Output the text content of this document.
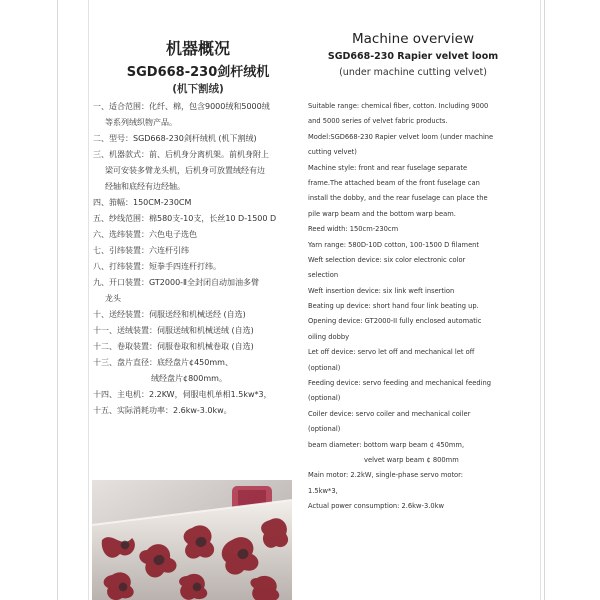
机器概况
SGD668-230剑杆绒机
(机下割绒)
一、适合范围：化纤、棉，包含9000绒和5000绒
等系列绒织物产品。
二、型号：SGD668-230剑杆绒机 (机下割绒)
三、机器款式：前、后机身分离机架。前机身附上
梁可安装多臂龙头机，后机身可放置绒经有边
经轴和底经有边经轴。
四、筘幅：150CM-230CM
五、纱线范围：棉580支-10支，长丝10 D-1500 D
六、选纬装置：六色电子选色
七、引纬装置：六连杆引纬
八、打纬装置：短拳手四连杆打纬。
九、开口装置：GT2000-Ⅱ全封闭自动加油多臂
龙头
十、送经装置：伺服送经和机械送经 (自选)
十一、送绒装置：伺服送绒和机械送绒 (自选)
十二、卷取装置：伺服卷取和机械卷取 (自选)
十三、盘片直径：底经盘片¢450mm、
绒经盘片¢800mm。
十四、主电机：2.2KW，伺服电机单相1.5kw*3，
十五、实际消耗功率：2.6kw-3.0kw。
Machine overview
SGD668-230 Rapier velvet loom
(under machine cutting velvet)
Suitable range: chemical fiber, cotton. Including 9000
and 5000 series of velvet fabric products.
Model:SGD668-230 Rapier velvet loom (under machine
cutting velvet)
Machine style: front and rear fuselage separate
frame.The attached beam of the front fuselage can
install the dobby, and the rear fuselage can place the
pile warp beam and the bottom warp beam.
Reed width: 150cm-230cm
Yarn range: 580D-10D cotton, 100-1500 D filament
Weft selection device: six color electronic color
selection
Weft insertion device: six link weft insertion
Beating up device: short hand four link beating up.
Opening device: GT2000-II fully enclosed automatic
oiling dobby
Let off device: servo let off and mechanical let off
(optional)
Feeding device: servo feeding and mechanical feeding
(optional)
Coiler device: servo coiler and mechanical coiler
(optional)
beam diameter: bottom warp beam ¢ 450mm,
velvet warp beam ¢ 800mm
Main motor: 2.2kW, single-phase servo motor:
1.5kw*3,
Actual power consumption: 2.6kw-3.0kw
